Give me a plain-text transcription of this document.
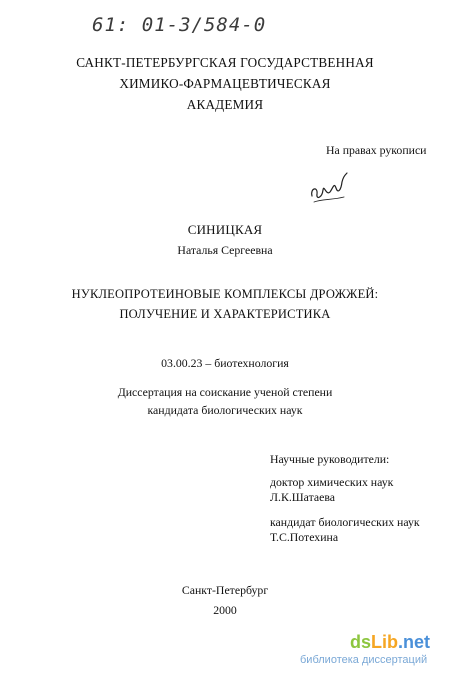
61: 01-3/584-0
САНКТ-ПЕТЕРБУРГСКАЯ ГОСУДАРСТВЕННАЯ
ХИМИКО-ФАРМАЦЕВТИЧЕСКАЯ
АКАДЕМИЯ
На правах рукописи
СИНИЦКАЯ
Наталья Сергеевна
НУКЛЕОПРОТЕИНОВЫЕ КОМПЛЕКСЫ ДРОЖЖЕЙ:
ПОЛУЧЕНИЕ И ХАРАКТЕРИСТИКА
03.00.23 – биотехнология
Диссертация на соискание ученой степени
кандидата биологических наук
Научные руководители:
доктор химических наук
Л.К.Шатаева
кандидат биологических наук
Т.С.Потехина
Санкт-Петербург
2000
dsLib.net
библиотека диссертаций
